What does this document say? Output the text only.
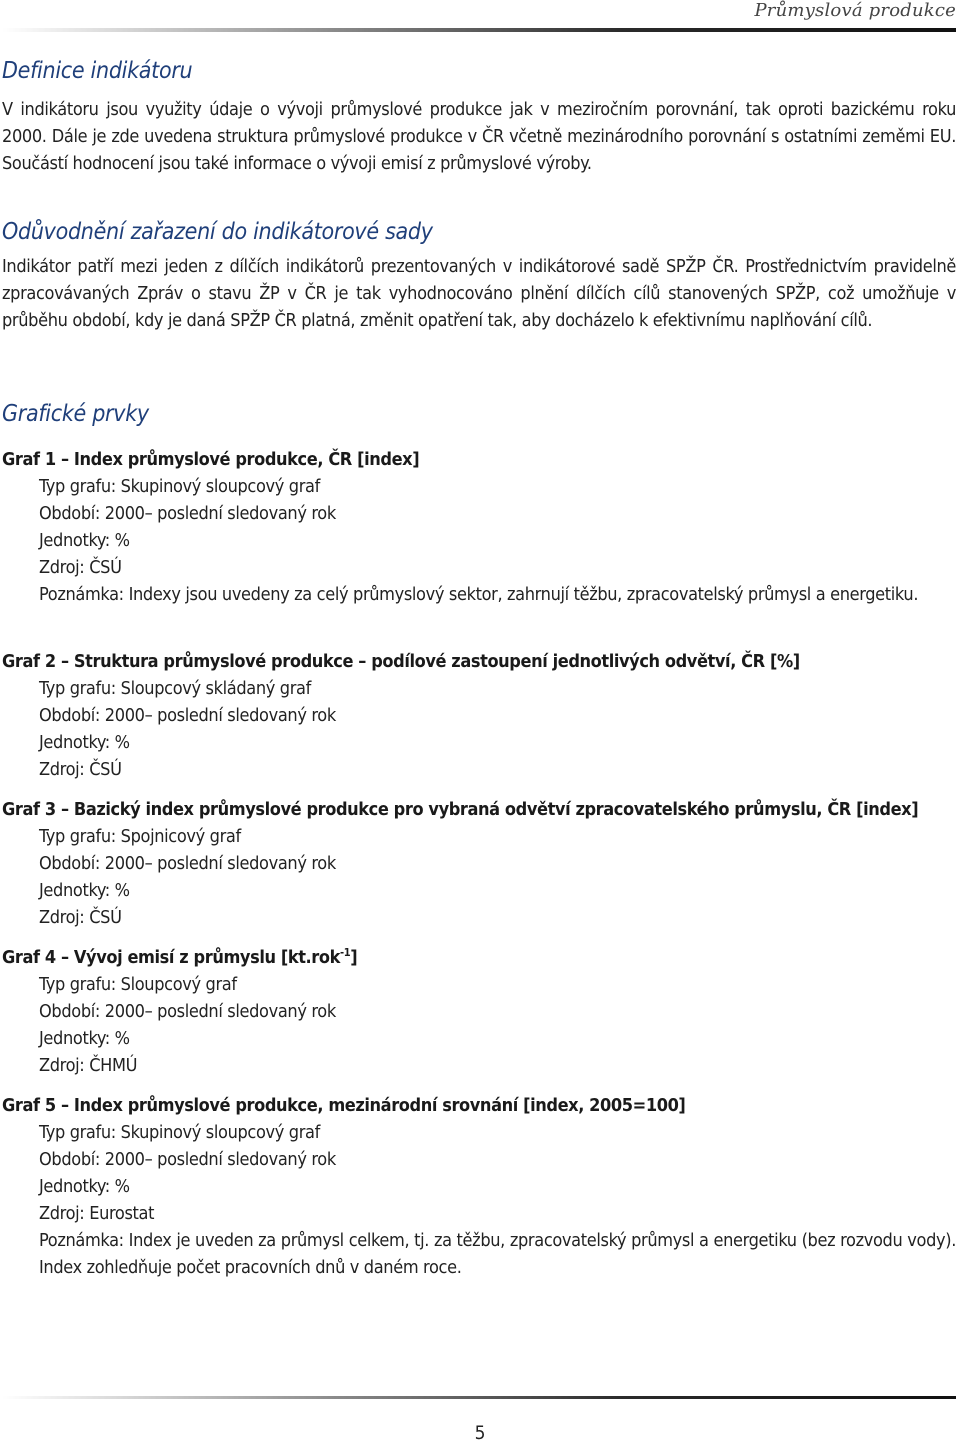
Průmyslová produkce
Definice indikátoru

V indikátoru jsou využity údaje o vývoji průmyslové produkce jak v meziročním porovnání, tak oproti bazickému roku 2000. Dále je zde uvedena struktura průmyslové produkce v ČR včetně mezinárodního porovnání s ostatními zeměmi EU. Součástí hodnocení jsou také informace o vývoji emisí z průmyslové výroby.

Odůvodnění zařazení do indikátorové sady

Indikátor patří mezi jeden z dílčích indikátorů prezentovaných v indikátorové sadě SPŽP ČR. Prostřednictvím pravidelně zpracovávaných Zpráv o stavu ŽP v ČR je tak vyhodnocováno plnění dílčích cílů stanovených SPŽP, což umožňuje v průběhu období, kdy je daná SPŽP ČR platná, změnit opatření tak, aby docházelo k efektivnímu naplňování cílů.

Grafické prvky

Graf 1 – Index průmyslové produkce, ČR [index]

Typ grafu: Skupinový sloupcový graf

Období: 2000– poslední sledovaný rok

Jednotky: %

Zdroj: ČSÚ

Poznámka: Indexy jsou uvedeny za celý průmyslový sektor, zahrnují těžbu, zpracovatelský průmysl a energetiku.

Graf 2 – Struktura průmyslové produkce – podílové zastoupení jednotlivých odvětví, ČR [%]

Typ grafu: Sloupcový skládaný graf

Období: 2000– poslední sledovaný rok

Jednotky: %

Zdroj: ČSÚ

Graf 3 – Bazický index průmyslové produkce pro vybraná odvětví zpracovatelského průmyslu, ČR [index]

Typ grafu: Spojnicový graf

Období: 2000– poslední sledovaný rok

Jednotky: %

Zdroj: ČSÚ

Graf 4 – Vývoj emisí z průmyslu [kt.rok$^{-1}$]

Typ grafu: Sloupcový graf

Období: 2000– poslední sledovaný rok

Jednotky: %

Zdroj: ČHMÚ

Graf 5 – Index průmyslové produkce, mezinárodní srovnání [index, 2005=100]

Typ grafu: Skupinový sloupcový graf

Období: 2000– poslední sledovaný rok

Jednotky: %

Zdroj: Eurostat

Poznámka: Index je uveden za průmysl celkem, tj. za těžbu, zpracovatelský průmysl a energetiku (bez rozvodu vody). Index zohledňuje počet pracovních dnů v daném roce.

5
